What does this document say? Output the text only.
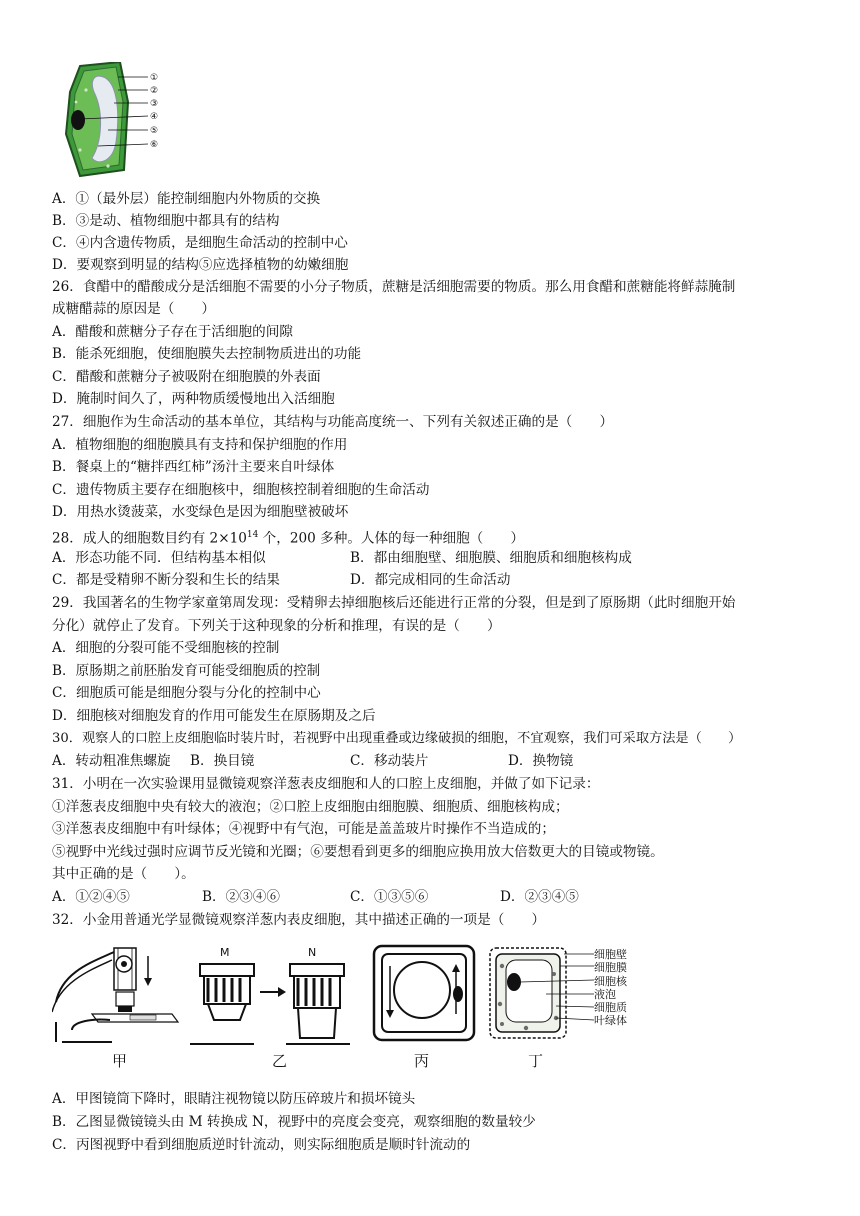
①
②
③
④
⑤
⑥
A．①（最外层）能控制细胞内外物质的交换
B．③是动、植物细胞中都具有的结构
C．④内含遗传物质，是细胞生命活动的控制中心
D．要观察到明显的结构⑤应选择植物的幼嫩细胞
26．食醋中的醋酸成分是活细胞不需要的小分子物质，蔗糖是活细胞需要的物质。那么用食醋和蔗糖能将鲜蒜腌制
成糖醋蒜的原因是（　　）
A．醋酸和蔗糖分子存在于活细胞的间隙
B．能杀死细胞，使细胞膜失去控制物质进出的功能
C．醋酸和蔗糖分子被吸附在细胞膜的外表面
D．腌制时间久了，两种物质缓慢地出入活细胞
27．细胞作为生命活动的基本单位，其结构与功能高度统一、下列有关叙述正确的是（　　）
A．植物细胞的细胞膜具有支持和保护细胞的作用
B．餐桌上的“糖拌西红柿”汤汁主要来自叶绿体
C．遗传物质主要存在细胞核中，细胞核控制着细胞的生命活动
D．用热水烫菠菜，水变绿色是因为细胞壁被破坏
28．成人的细胞数目约有 $2\times 10^{14}$ 个，200 多种。人体的每一种细胞（　　）
A．形态功能不同．但结构基本相似	B．都由细胞壁、细胞膜、细胞质和细胞核构成
C．都是受精卵不断分裂和生长的结果	D．都完成相同的生命活动
29．我国著名的生物学家童第周发现：受精卵去掉细胞核后还能进行正常的分裂，但是到了原肠期（此时细胞开始
分化）就停止了发育。下列关于这种现象的分析和推理，有误的是（　　）
A．细胞的分裂可能不受细胞核的控制
B．原肠期之前胚胎发育可能受细胞质的控制
C．细胞质可能是细胞分裂与分化的控制中心
D．细胞核对细胞发育的作用可能发生在原肠期及之后
30．观察人的口腔上皮细胞临时装片时，若视野中出现重叠或边缘破损的细胞，不宜观察，我们可采取方法是（　　）
A．转动粗准焦螺旋 B．换目镜	C．移动装片	D．换物镜
31．小明在一次实验课用显微镜观察洋葱表皮细胞和人的口腔上皮细胞，并做了如下记录：
①洋葱表皮细胞中央有较大的液泡；②口腔上皮细胞由细胞膜、细胞质、细胞核构成；
③洋葱表皮细胞中有叶绿体；④视野中有气泡，可能是盖盖玻片时操作不当造成的；
⑤视野中光线过强时应调节反光镜和光圈；⑥要想看到更多的细胞应换用放大倍数更大的目镜或物镜。
其中正确的是（　　）。
A．①②④⑤	B．②③④⑥	C．①③⑤⑥	D．②③④⑤
32．小金用普通光学显微镜观察洋葱内表皮细胞，其中描述正确的一项是（　　）
M	N	细胞壁
细胞膜
细胞核
液泡
细胞质
叶绿体
甲	乙	丙	丁
A．甲图镜筒下降时，眼睛注视物镜以防压碎玻片和损坏镜头
B．乙图显微镜镜头由 M 转换成 N，视野中的亮度会变亮，观察细胞的数量较少
C．丙图视野中看到细胞质逆时针流动，则实际细胞质是顺时针流动的
